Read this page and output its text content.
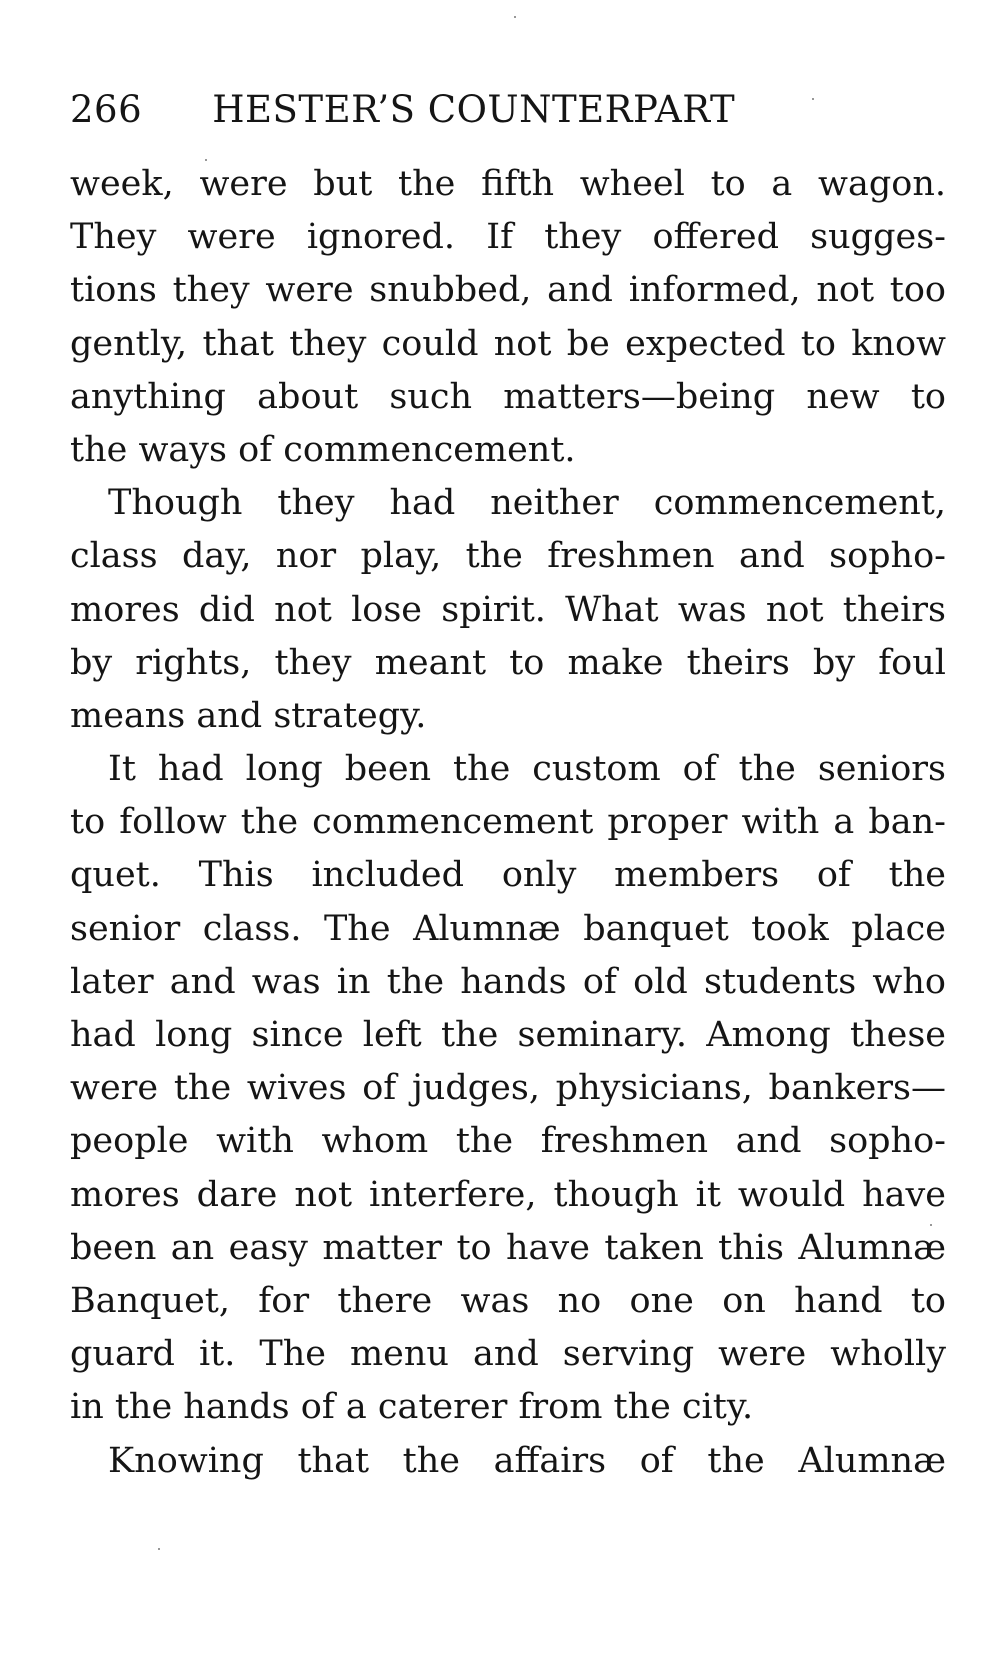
266 HESTER’S COUNTERPART
week, were but the fifth wheel to a wagon.
They were ignored. If they offered sugges-
tions they were snubbed, and informed, not too
gently, that they could not be expected to know
anything about such matters—being new to
the ways of commencement.
Though they had neither commencement,
class day, nor play, the freshmen and sopho-
mores did not lose spirit. What was not theirs
by rights, they meant to make theirs by foul
means and strategy.
It had long been the custom of the seniors
to follow the commencement proper with a ban-
quet. This included only members of the
senior class. The Alumnæ banquet took place
later and was in the hands of old students who
had long since left the seminary. Among these
were the wives of judges, physicians, bankers—
people with whom the freshmen and sopho-
mores dare not interfere, though it would have
been an easy matter to have taken this Alumnæ
Banquet, for there was no one on hand to
guard it. The menu and serving were wholly
in the hands of a caterer from the city.
Knowing that the affairs of the Alumnæ
